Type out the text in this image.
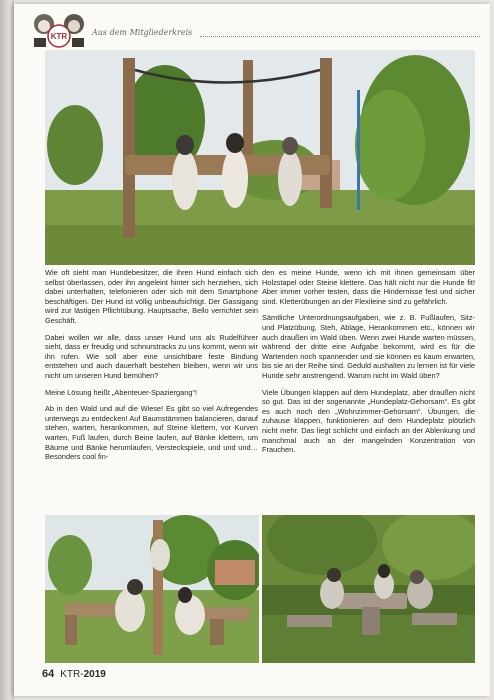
KTR	Aus dem Mitgliederkreis

Wie oft sieht man Hundebesitzer, die ihren Hund einfach sich selbst überlassen, oder ihn angeleint hinter sich herziehen, sich dabei unterhalten, telefonieren oder sich mit dem Smartphone beschäftigen. Der Hund ist völlig unbeaufsichtigt. Der Gassigang wird zur lästigen Pflichtübung. Hauptsache, Bello verrichtet sein Geschäft.

Dabei wollen wir alle, dass unser Hund uns als Rudelführer sieht, dass er freudig und schnurstracks zu uns kommt, wenn wir ihn rufen. Wie soll aber eine unsichtbare feste Bindung entstehen und auch dauerhaft bestehen bleiben, wenn wir uns nicht um unseren Hund bemühen?

Meine Lösung heißt „Abenteuer-Spaziergang“!

Ab in den Wald und auf die Wiese! Es gibt so viel Aufregendes unterwegs zu entdecken! Auf Baumstämmen balancieren, darauf stehen, warten, herankommen, auf Steine klettern, vor Kurven warten, Fuß laufen, durch Beine laufen, auf Bänke klettern, um Bäume und Bänke herumlaufen, Versteckspiele, und und und… Besonders cool fin-

den es meine Hunde, wenn ich mit ihnen gemeinsam über Holzstapel oder Steine klettere. Das hält nicht nur die Hunde fit! Aber immer vorher testen, dass die Hindernisse fest und sicher sind. Kletterübungen an der Flexileine sind zu gefährlich.

Sämtliche Unterordnungsaufgaben, wie z. B. Fußlaufen, Sitz- und Platzübung, Steh, Ablage, Herankommen etc., können wir auch draußen im Wald üben. Wenn zwei Hunde warten müssen, während der dritte eine Aufgabe bekommt, wird es für die Wartenden noch spannender und sie können es kaum erwarten, bis sie an der Reihe sind. Geduld aushalten zu lernen ist für viele Hunde sehr anstrengend. Warum nicht im Wald üben?

Viele Übungen klappen auf dem Hundeplatz, aber draußen nicht so gut. Das ist der sogenannte „Hundeplatz-Gehorsam“. Es gibt es auch noch den „Wohnzimmer-Gehorsam“. Übungen, die zuhause klappen, funktionieren auf dem Hundeplatz plötzlich nicht mehr. Das liegt schlicht und einfach an der Ablenkung und manchmal auch an der mangelnden Konzentration von Frauchen.

64 KTR-2019
